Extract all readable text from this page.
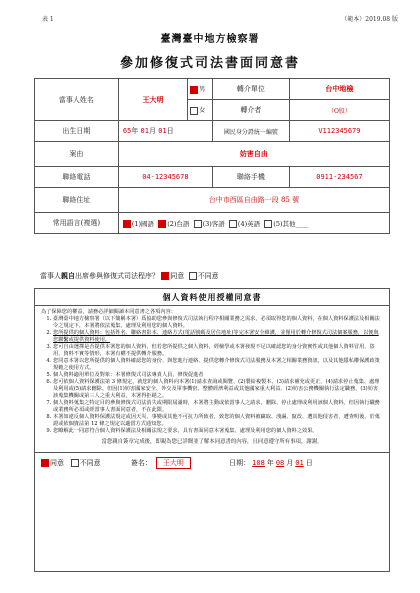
表 1	（範本）2019.08 版
臺灣臺中地方檢察署
參加修復式司法書面同意書
當事人姓名	王大明	男	轉介單位	台中地檢
		女	轉介者	（O股）
出生日期	65年 01月 01日		國民身分證統一編號	V112345679
案由	妨害自由			
聯絡電話	04-12345678		聯絡手機	0911-234567
聯絡住址	台中市西區自由路一段 85 號			
常用語言(複選)	(1)國語 (2)台語 (3)客語 (4)英語 (5)其他____			
當事人親自出席參與修復式司法程序？ 同意 不同意
個人資料使用授權同意書
為了保障您的權益，請務必詳細閱讀本同意書之各項內容：
1. 臺灣臺中地方檢察署（以下簡稱本署）爲協助您參與修復式司法執行程序相關業務之需求，必須取得您的個人資料，在個人資料保護法及相關法令之規定下，本署將依法蒐集、處理及利用您的個人資料。
2. 您所提供的個人資料：包括姓名、聯絡書影本、連絡方式(電話號碼及居住地址)等完本署安全維護，並僅用於轉介修復式司法個案服務，以便與您聯繫或提供資料使用。
3. 您可自由選擇是否提供本署您的個人資料，但若您所提供之個人資料，經檢學或本署發現不足以確認您的身分資實性或其他個人資料冒用、盜用、資料不實等情形，本署有權不提供轉介服務。
4. 您同意本署以您所提供的個人資料確認您的身份、與您進行連絡、提供您轉介修復式司法服務及本署之相關業務資訊，以及其他隱私權保護政策規範之使用方式。
5. 個人資料適用單位及對象：本署修復式司法專責人員、修復促進者
6. 您可依個人資料保護法第 3 條規定，就您的個人資料向本署(1)請求查詢或閱覽、(2)製給複製本、(3)請求補充或更正、(4)請求停止蒐集、處理及利用或(5)請求刪除。但因(1)妨害國家安全、外交及軍事機密、整體經濟利益或其他國家重大利益、(2)妨害公務機關執行法定職務、(3)妨害該蒐集機關或第三人之重大利益，本署得拒絕之。
7. 個人資料蒐集之特定目的參與修復式司法消失或期限屆滿時，本署將主動或依當事人之請求，刪除、停止處理或利用該個人資料。但因執行職務或業務所必須或經當事人書面同意者，不在此限。
8. 本署如違反個人資料保護法規定或因天災、事變或其他不可抗力所致者，致您的個人資料被竊取、洩漏、竄改、遭其他侵害者，遭查明後，於蒐證或依個資法第 12 條之規定以適當方式通知您。
9. 您瞭解此一同意符合個人資料保護法及相關法規之要求，具有書面同意本署蒐集、處理及利用您的個人資料之效果。
當您親自簽章完成後，即親為您已詳閱並了解本同意書的內容，且同意遵守所有事項，謝謝。
同意 不同意	簽名： 王大明	日期： 108 年 08 月 01 日
